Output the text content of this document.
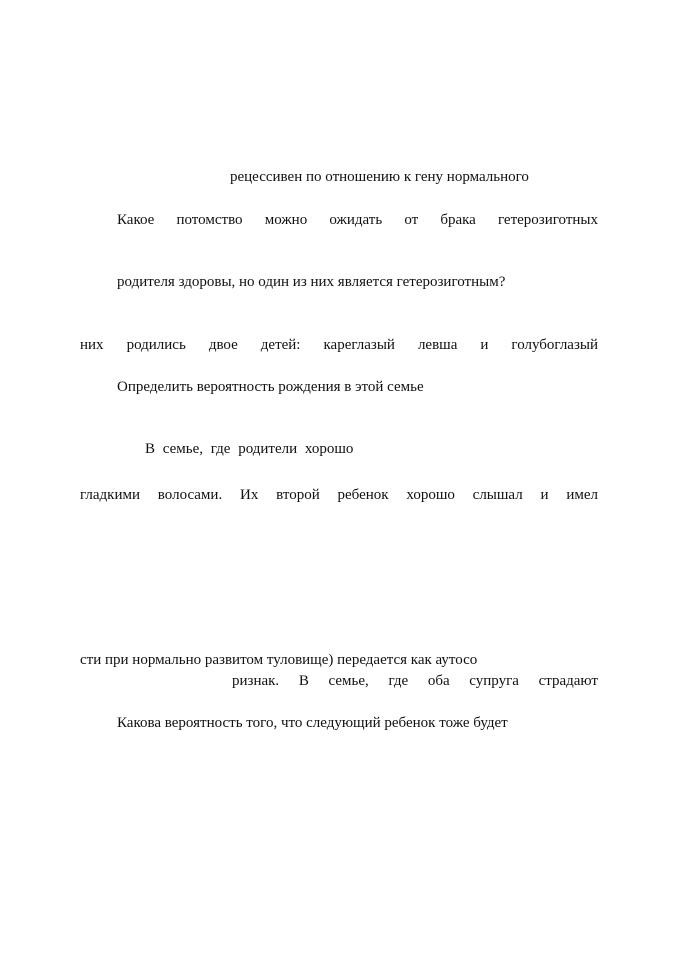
рецессивен по отношению к гену нормального
Какое потомство можно ожидать от брака гетерозиготных
родителя здоровы, но один из них является гетерозиготным?
них родились двое детей: кареглазый левша и голубоглазый
Определить вероятность рождения в этой семье
В семье, где родители хорошо
гладкими волосами. Их второй ребенок хорошо слышал и имел
сти при нормально развитом туловище) передается как аутосо
ризнак. В семье, где оба супруга страдают
Какова вероятность того, что следующий ребенок тоже будет
